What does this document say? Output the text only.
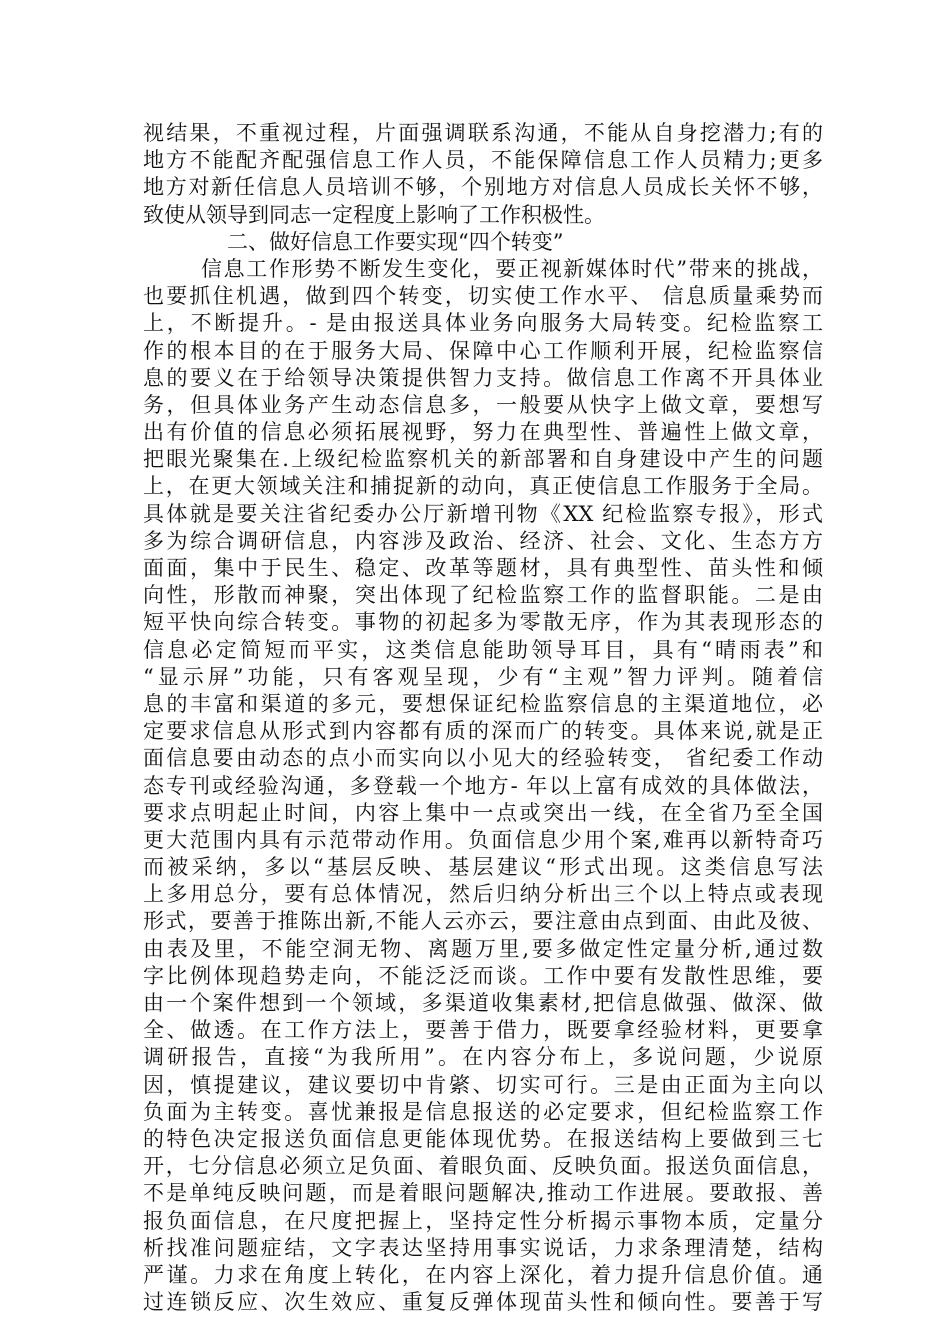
视结果，不重视过程，片面强调联系沟通，不能从自身挖潜力;有的
地方不能配齐配强信息工作人员，不能保障信息工作人员精力;更多
地方对新任信息人员培训不够，个别地方对信息人员成长关怀不够，
致使从领导到同志一定程度上影响了工作积极性。
二、做好信息工作要实现“四个转变”
信息工作形势不断发生变化，要正视新媒体时代”带来的挑战，
也要抓住机遇，做到四个转变，切实使工作水平、 信息质量乘势而
上，不断提升。- 是由报送具体业务向服务大局转变。纪检监察工
作的根本目的在于服务大局、保障中心工作顺利开展，纪检监察信
息的要义在于给领导决策提供智力支持。做信息工作离不开具体业
务，但具体业务产生动态信息多，一般要从快字上做文章，要想写
出有价值的信息必须拓展视野，努力在典型性、普遍性上做文章，
把眼光聚集在.上级纪检监察机关的新部署和自身建设中产生的问题
上，在更大领域关注和捕捉新的动向，真正使信息工作服务于全局。
具体就是要关注省纪委办公厅新增刊物《XX 纪检监察专报》，形式
多为综合调研信息，内容涉及政治、经济、社会、文化、生态方方
面面，集中于民生、稳定、改革等题材，具有典型性、苗头性和倾
向性，形散而神聚，突出体现了纪检监察工作的监督职能。二是由
短平快向综合转变。事物的初起多为零散无序，作为其表现形态的
信息必定简短而平实，这类信息能助领导耳目，具有“晴雨表”和
“显示屏”功能，只有客观呈现，少有“主观”智力评判。随着信
息的丰富和渠道的多元，要想保证纪检监察信息的主渠道地位，必
定要求信息从形式到内容都有质的深而广的转变。具体来说,就是正
面信息要由动态的点小而实向以小见大的经验转变， 省纪委工作动
态专刊或经验沟通，多登载一个地方- 年以上富有成效的具体做法，
要求点明起止时间，内容上集中一点或突出一线，在全省乃至全国
更大范围内具有示范带动作用。负面信息少用个案,难再以新特奇巧
而被采纳，多以“基层反映、基层建议“形式出现。这类信息写法
上多用总分，要有总体情况，然后归纳分析出三个以上特点或表现
形式，要善于推陈出新,不能人云亦云，要注意由点到面、由此及彼、
由表及里，不能空洞无物、离题万里,要多做定性定量分析,通过数
字比例体现趋势走向，不能泛泛而谈。工作中要有发散性思维，要
由一个案件想到一个领域，多渠道收集素材,把信息做强、做深、做
全、做透。在工作方法上，要善于借力，既要拿经验材料，更要拿
调研报告，直接“为我所用”。在内容分布上，多说问题，少说原
因，慎提建议，建议要切中肯綮、切实可行。三是由正面为主向以
负面为主转变。喜忧兼报是信息报送的必定要求，但纪检监察工作
的特色决定报送负面信息更能体现优势。在报送结构上要做到三七
开，七分信息必须立足负面、着眼负面、反映负面。报送负面信息，
不是单纯反映问题，而是着眼问题解决,推动工作进展。要敢报、善
报负面信息，在尺度把握上，坚持定性分析揭示事物本质，定量分
析找准问题症结，文字表达坚持用事实说话，力求条理清楚，结构
严谨。力求在角度上转化，在内容上深化，着力提升信息价值。通
过连锁反应、次生效应、重复反弹体现苗头性和倾向性。要善于写
